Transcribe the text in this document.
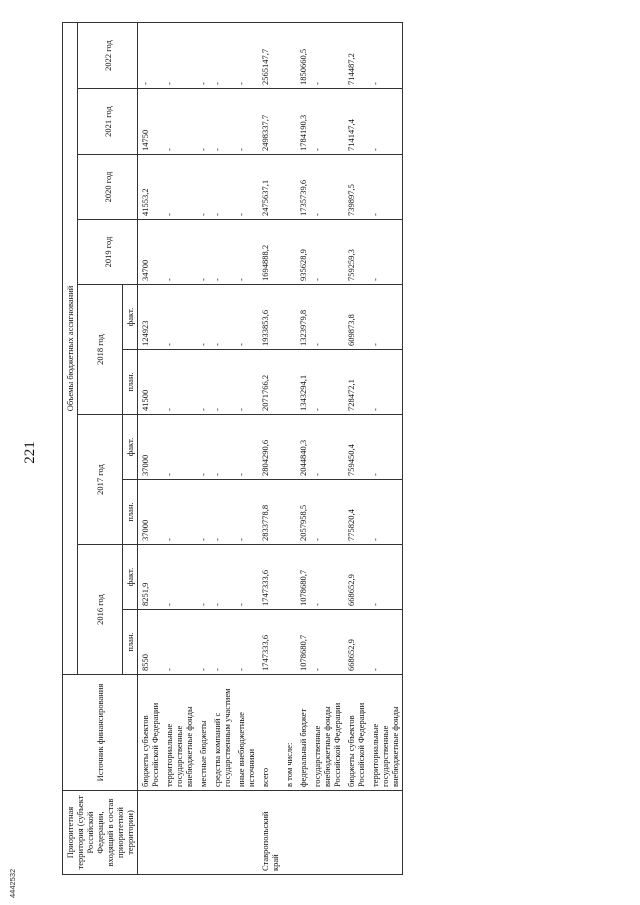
221
Приоритетная территория (субъект Российской Федерации, входящий в состав приоритетной территории)	Источник финансирования	Объемы бюджетных ассигнований									
		2016 год		2017 год		2018 год		2019 год	2020 год	2021 год	2022 год
		план.	факт.	план.	факт.	план.	факт.				
	бюджеты субъектов Российской Федерации	8550	8251,9	37000	37000	41500	124923	34700	41553,2	14750	-
	территориальные государственные внебюджетные фонды	-	-	-	-	-	-	-	-	-	-
	местные бюджеты	-	-	-	-	-	-	-	-	-	-
	средства компаний с государственным участием	-	-	-	-	-	-	-	-	-	-
	иные внебюджетные источники	-	-	-	-	-	-	-	-	-	-
Ставропольский край	всего	1747333,6	1747333,6	2833778,8	2804290,6	2071766,2	1933853,6	1694888,2	2475637,1	2498337,7	2565147,7
	в том числе:										
	федеральный бюджет	1078680,7	1078680,7	2057958,5	2044840,3	1343294,1	1323979,8	935628,9	1735739,6	1784190,3	1850660,5
	государственные внебюджетные фонды Российской Федерации	-	-	-	-	-	-	-	-	-	-
	бюджеты субъектов Российской Федерации	668652,9	668652,9	775820,4	759450,4	728472,1	609873,8	759259,3	739897,5	714147,4	714487,2
	территориальные государственные внебюджетные фонды	-	-	-	-	-	-	-	-	-	-
4442532
